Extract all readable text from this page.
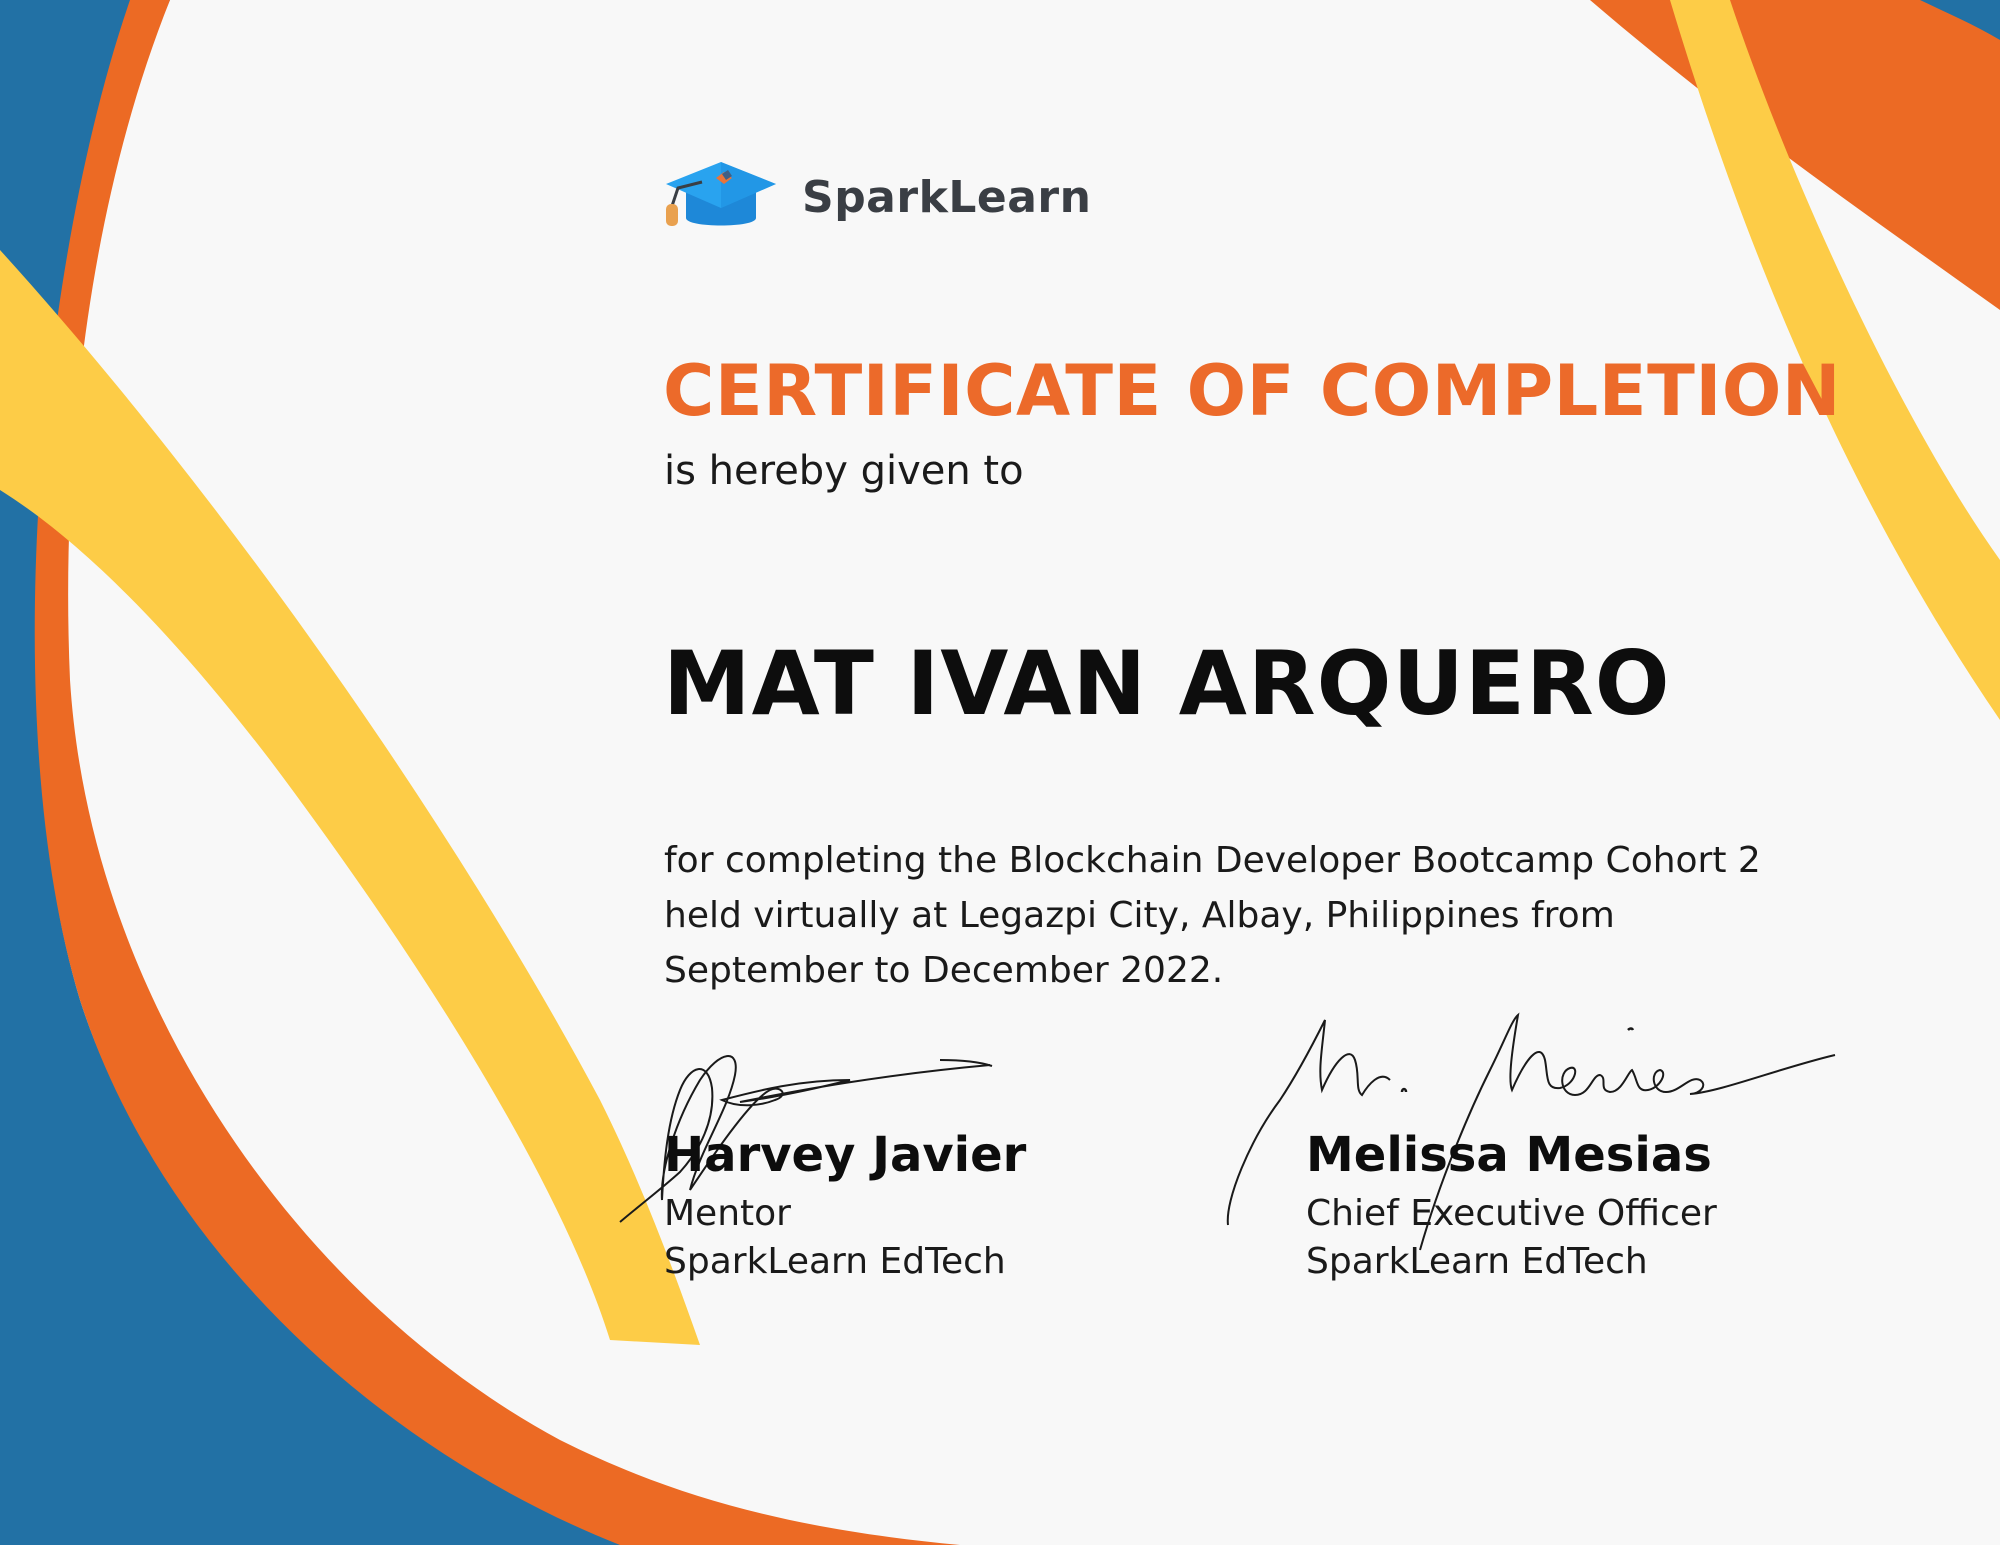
SparkLearn
CERTIFICATE OF COMPLETION
is hereby given to
MAT IVAN ARQUERO
for completing the Blockchain Developer Bootcamp Cohort 2 held virtually at Legazpi City, Albay, Philippines from September to December 2022.
Harvey Javier
Mentor
SparkLearn EdTech
Melissa Mesias
Chief Executive Officer
SparkLearn EdTech
